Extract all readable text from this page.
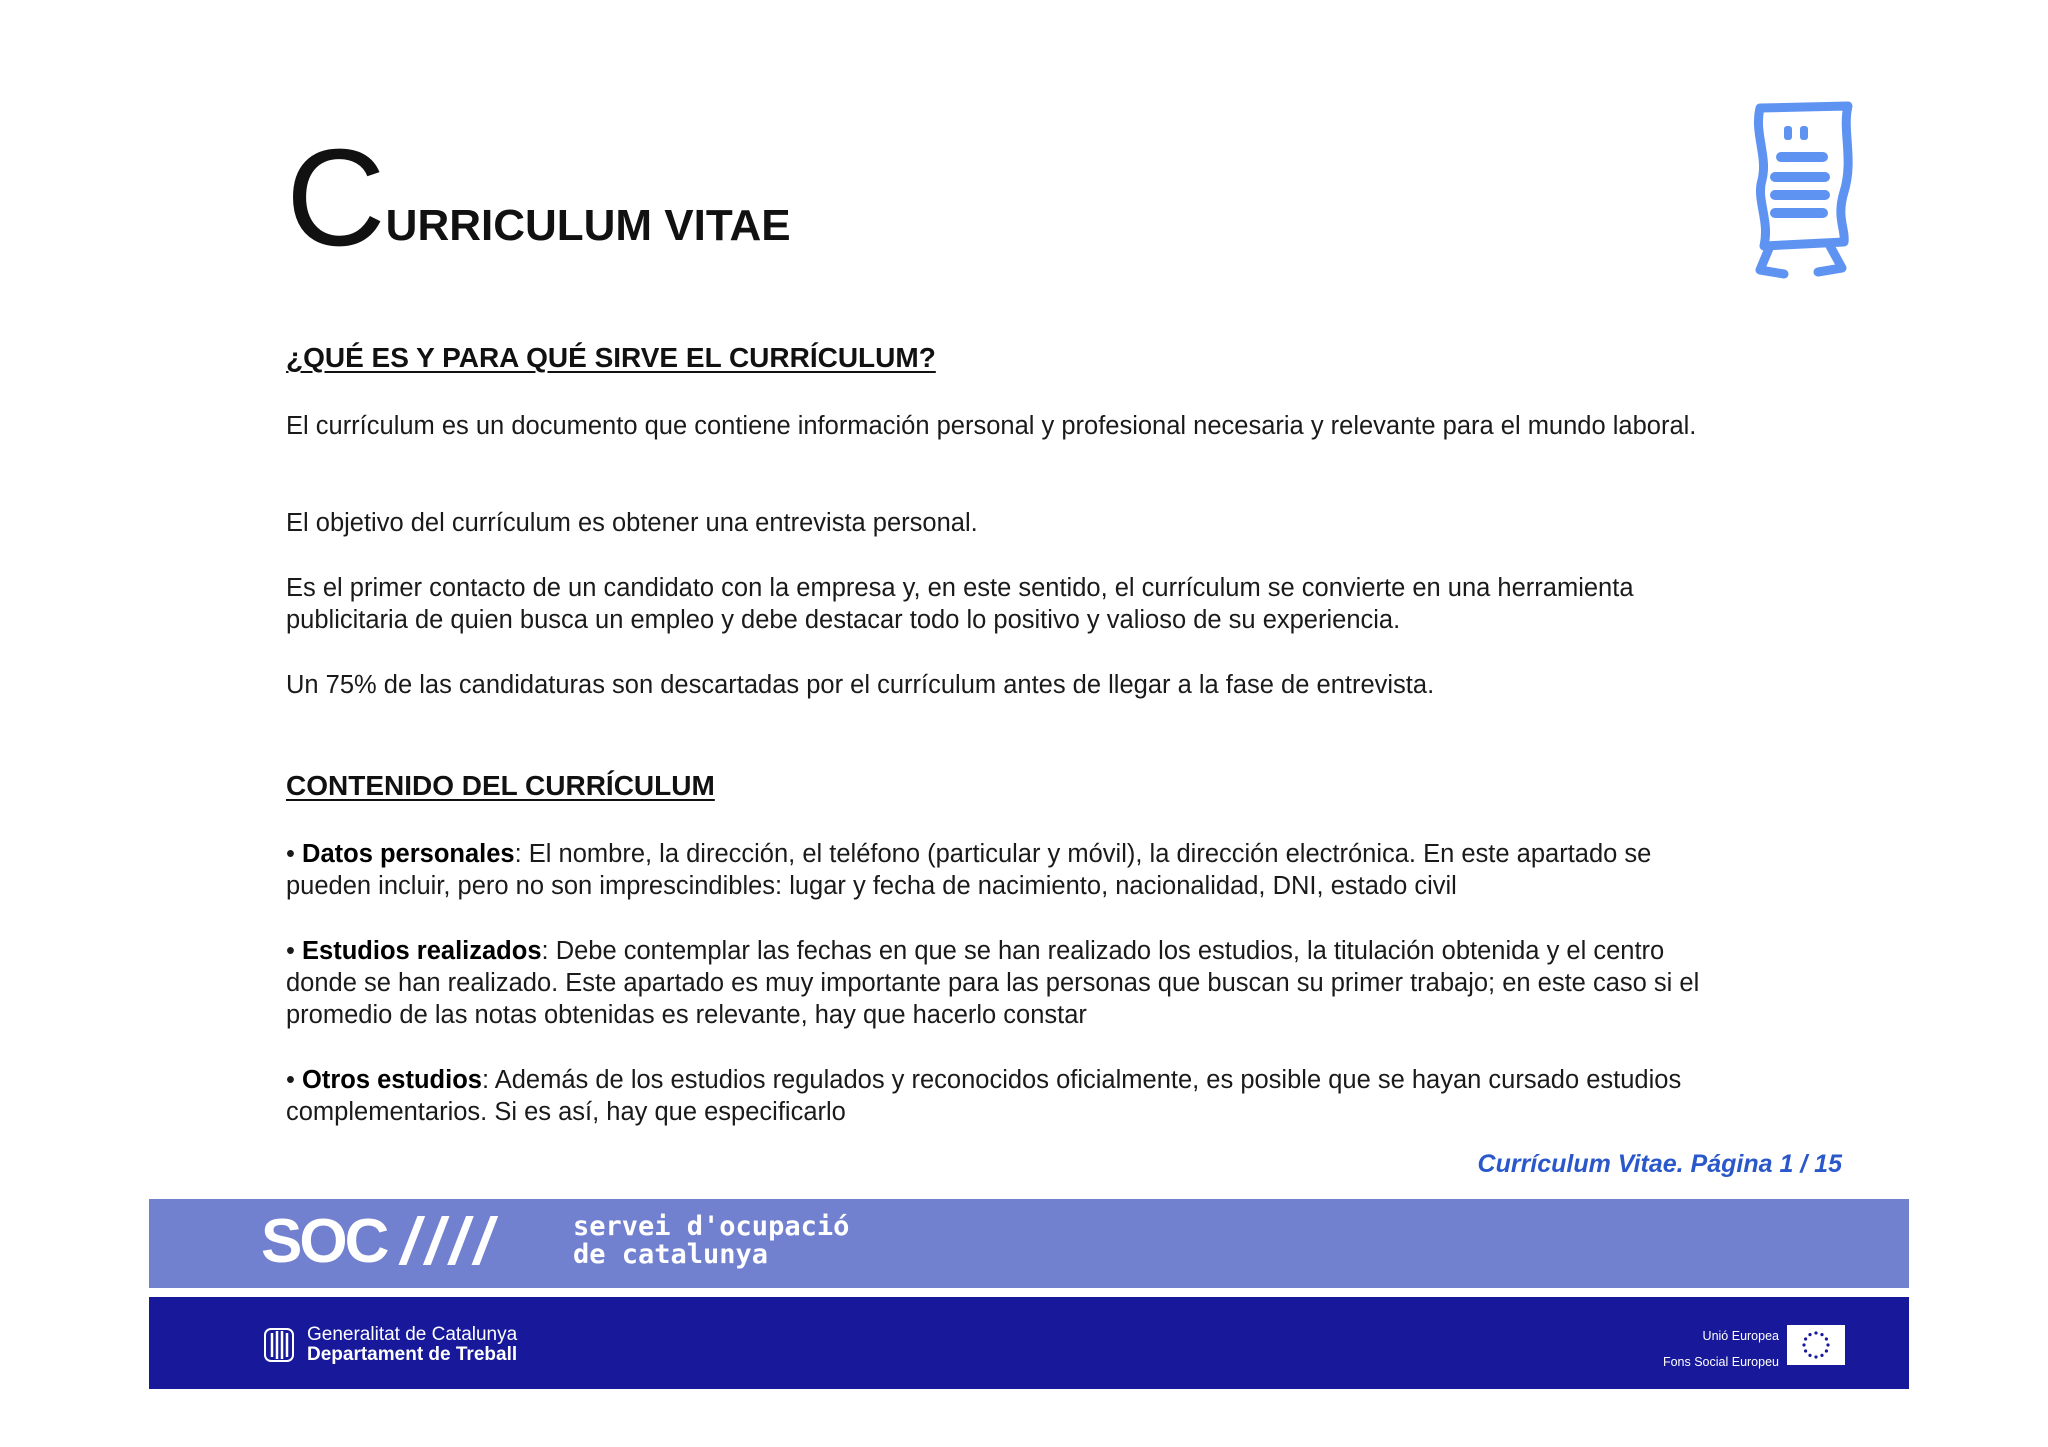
C URRICULUM VITAE
¿QUÉ ES Y PARA QUÉ SIRVE EL CURRÍCULUM?

El currículum es un documento que contiene información personal y profesional necesaria y relevante para el mundo laboral.

El objetivo del currículum es obtener una entrevista personal.

Es el primer contacto de un candidato con la empresa y, en este sentido, el currículum se convierte en una herramienta publicitaria de quien busca un empleo y debe destacar todo lo positivo y valioso de su experiencia.

Un 75% de las candidaturas son descartadas por el currículum antes de llegar a la fase de entrevista.

CONTENIDO DEL CURRÍCULUM

• Datos personales: El nombre, la dirección, el teléfono (particular y móvil), la dirección electrónica. En este apartado se pueden incluir, pero no son imprescindibles: lugar y fecha de nacimiento, nacionalidad, DNI, estado civil

• Estudios realizados: Debe contemplar las fechas en que se han realizado los estudios, la titulación obtenida y el centro donde se han realizado. Este apartado es muy importante para las personas que buscan su primer trabajo; en este caso si el promedio de las notas obtenidas es relevante, hay que hacerlo constar

• Otros estudios: Además de los estudios regulados y reconocidos oficialmente, es posible que se hayan cursado estudios complementarios. Si es así, hay que especificarlo

Currículum Vitae. Página 1 / 15
SOC ////	servei d'ocupació
de catalunya
Generalitat de Catalunya
Departament de Treball
Unió Europea
Fons Social Europeu
